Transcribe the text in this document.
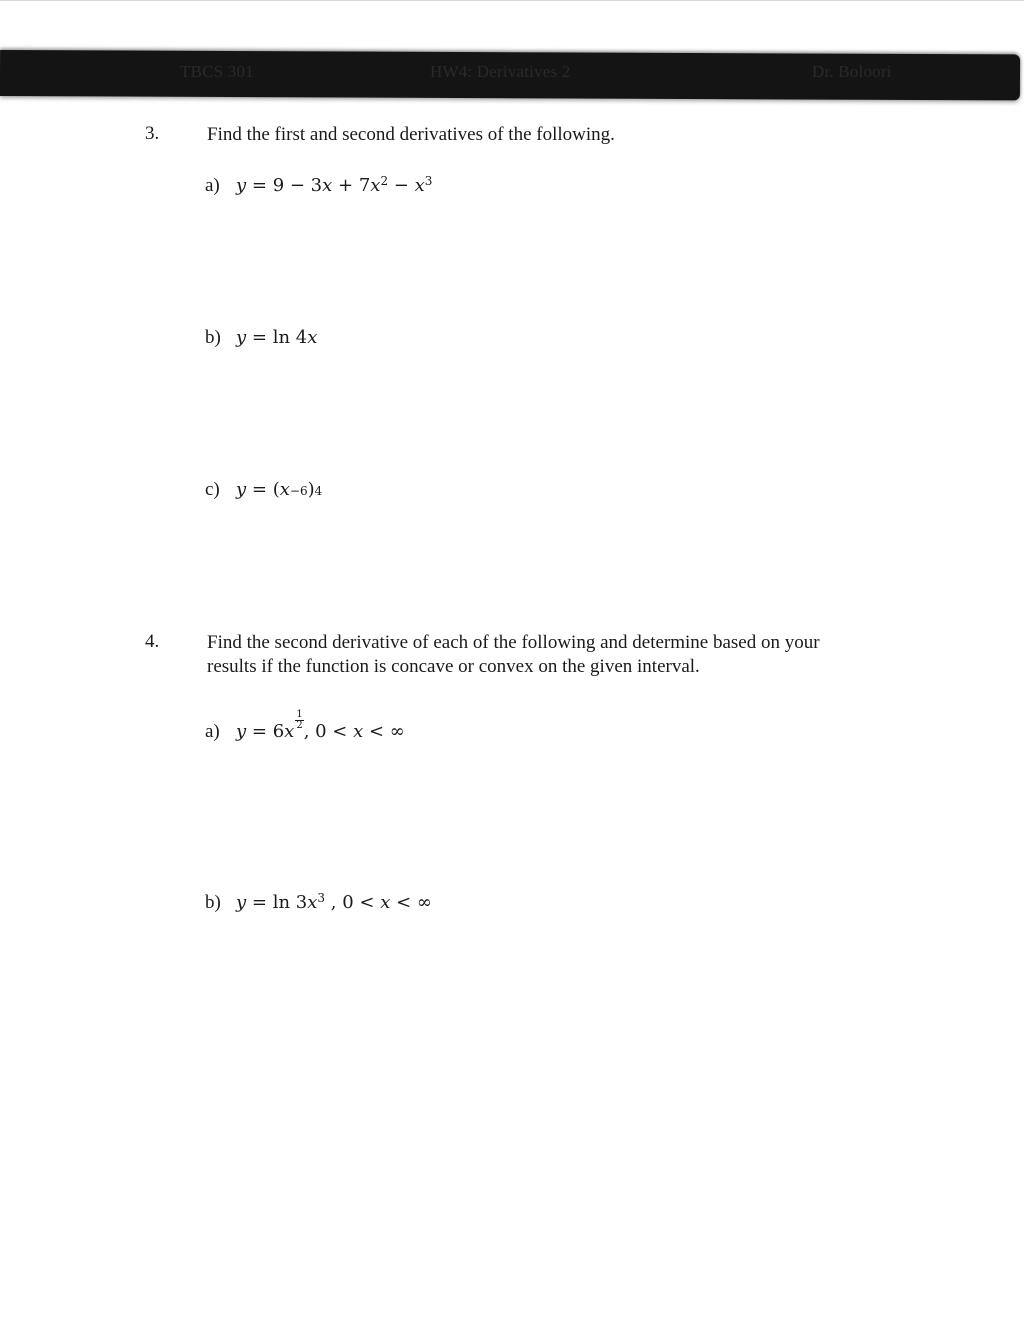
TBCS 301	HW4: Derivatives 2	Dr. Boloori
3.	Find the first and second derivatives of the following.
a) $y = 9 - 3x + 7x^2 - x^3$
b) y = ln 4x
c) y = (x−6)4
4.	Find the second derivative of each of the following and determine based on your
results if the function is concave or convex on the given interval.
a) y = 6x
$\frac{1}{2}$
, 0 < x < ∞
b) $y = \ln 3x^3$ , 0 < x < ∞
